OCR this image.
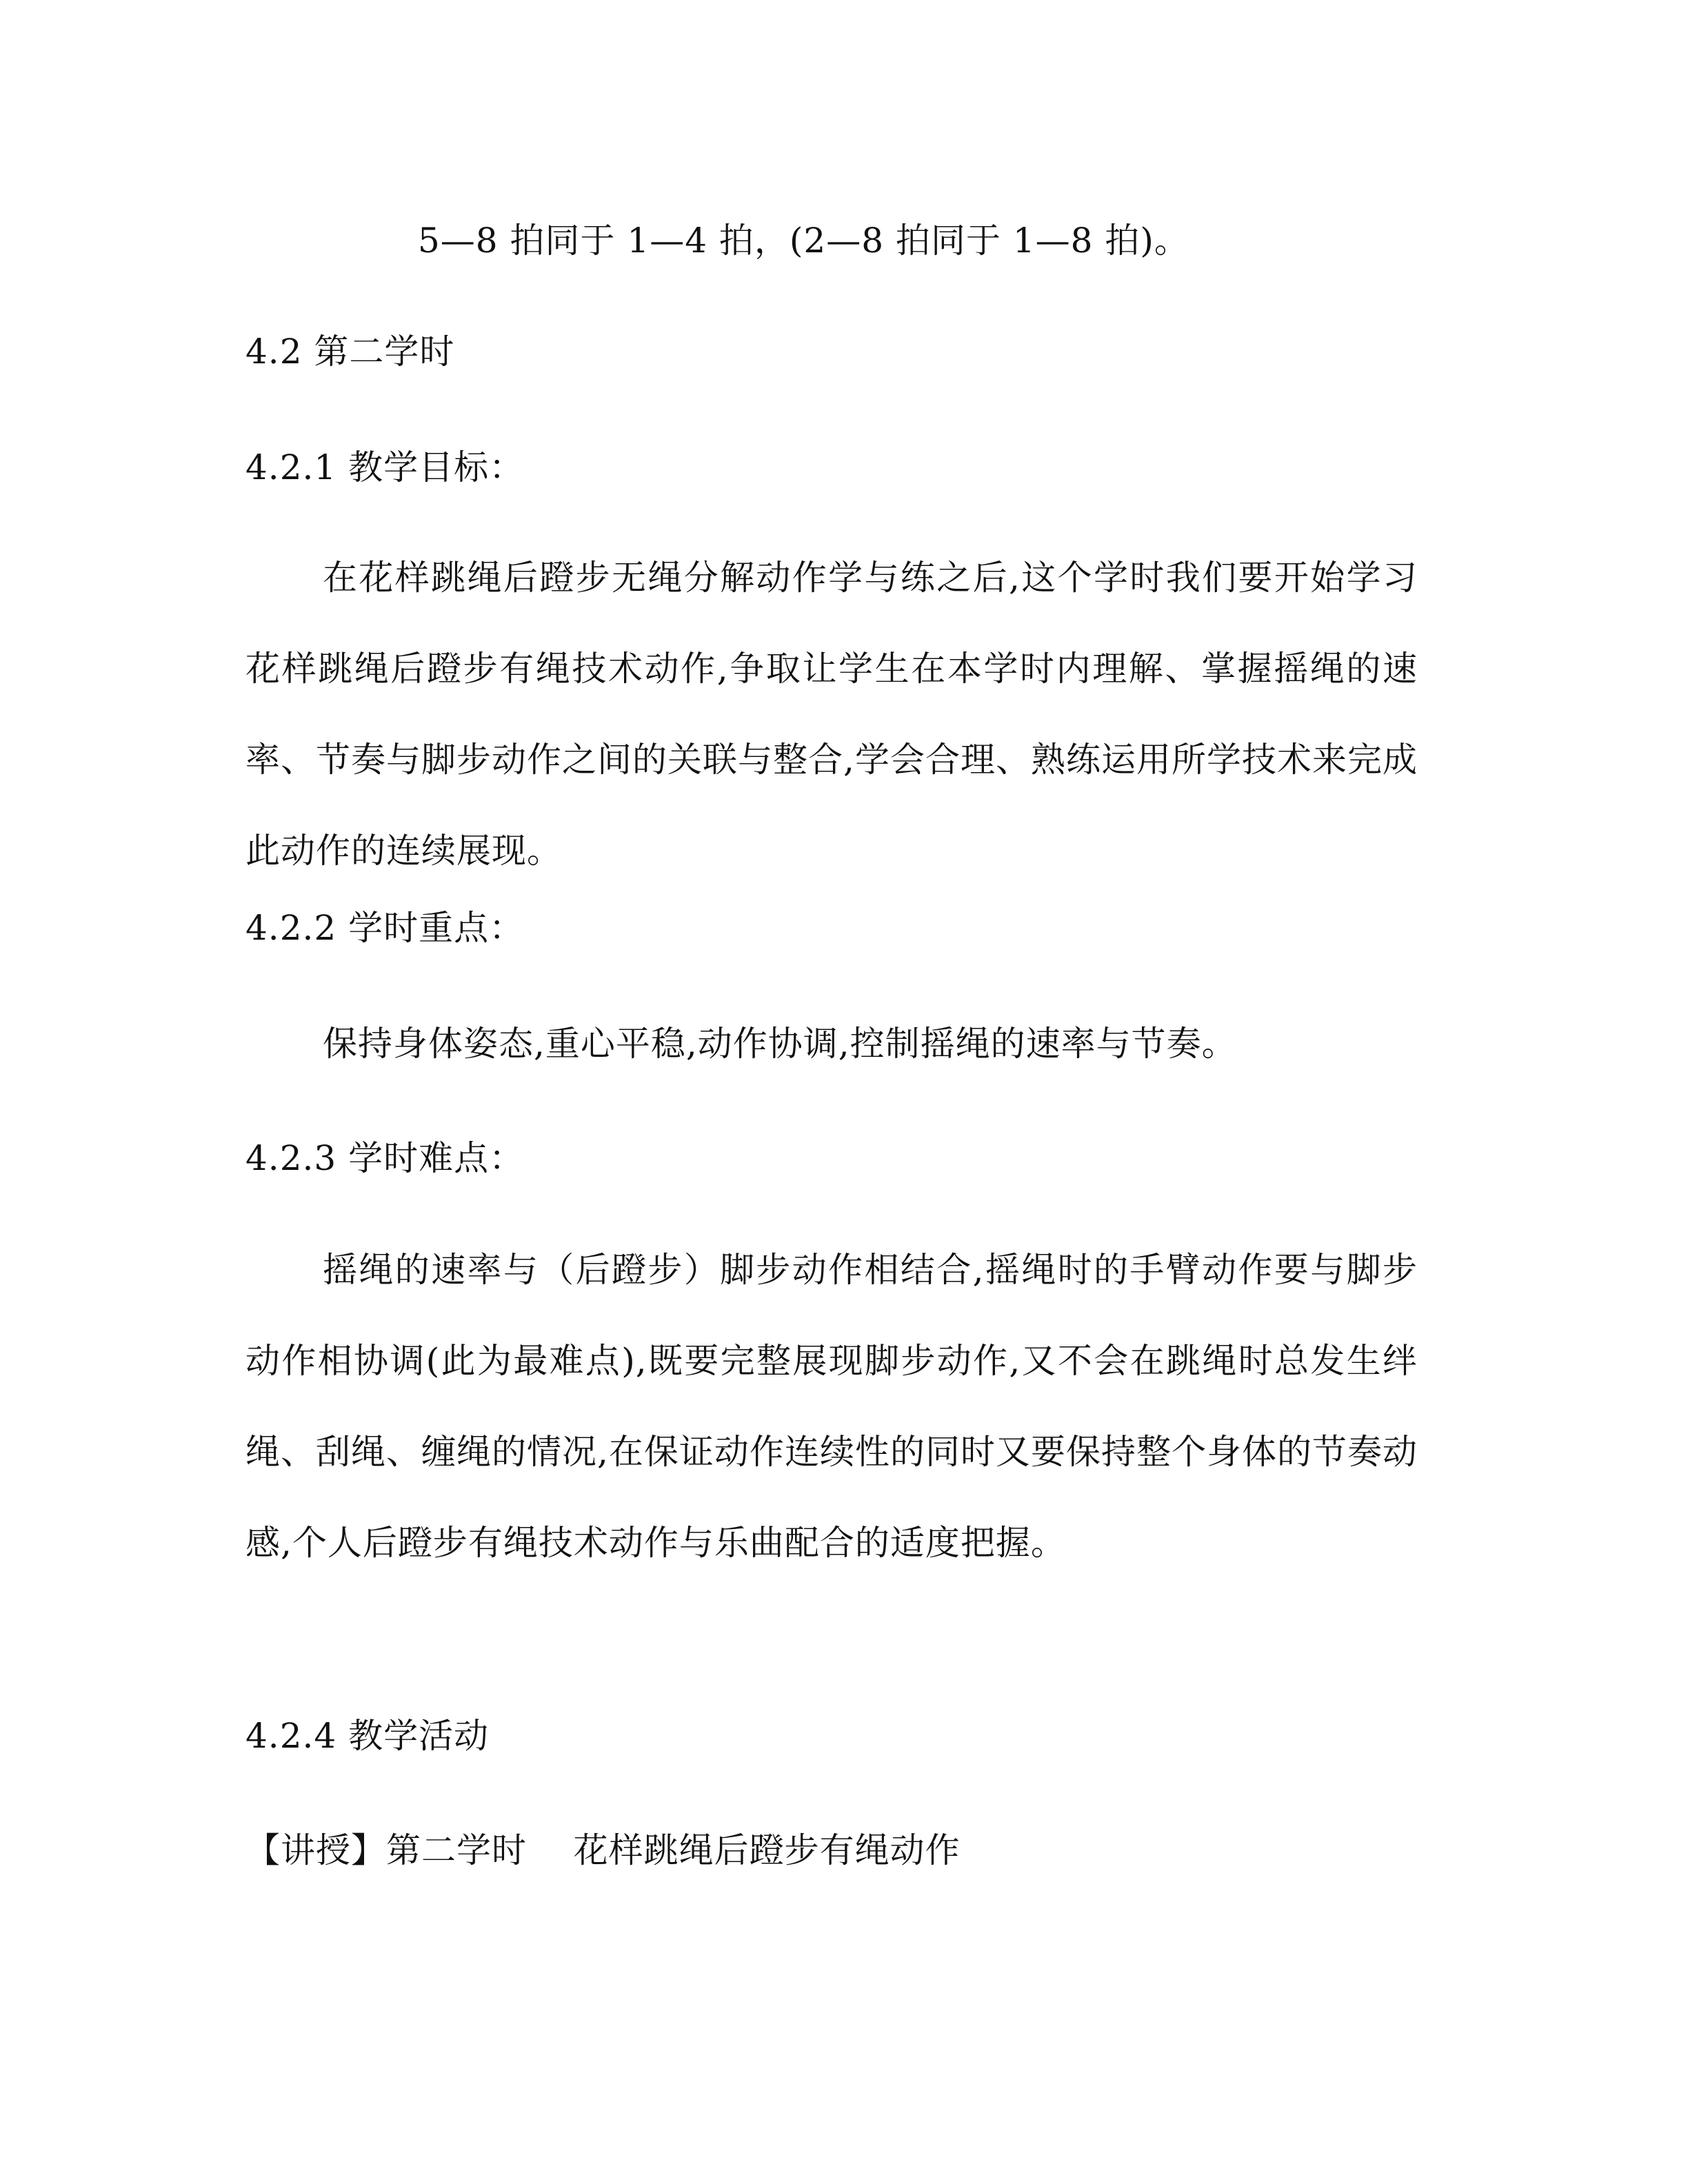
5—8 拍同于 1—4 拍，(2—8 拍同于 1—8 拍)。
4.2 第二学时
4.2.1 教学目标：
在花样跳绳后蹬步无绳分解动作学与练之后,这个学时我们要开始学习花样跳绳后蹬步有绳技术动作,争取让学生在本学时内理解、掌握摇绳的速率、节奏与脚步动作之间的关联与整合,学会合理、熟练运用所学技术来完成此动作的连续展现。
4.2.2 学时重点：
保持身体姿态,重心平稳,动作协调,控制摇绳的速率与节奏。
4.2.3 学时难点：
摇绳的速率与（后蹬步）脚步动作相结合,摇绳时的手臂动作要与脚步动作相协调(此为最难点),既要完整展现脚步动作,又不会在跳绳时总发生绊绳、刮绳、缠绳的情况,在保证动作连续性的同时又要保持整个身体的节奏动感,个人后蹬步有绳技术动作与乐曲配合的适度把握。
4.2.4 教学活动
【讲授】第二学时    花样跳绳后蹬步有绳动作
